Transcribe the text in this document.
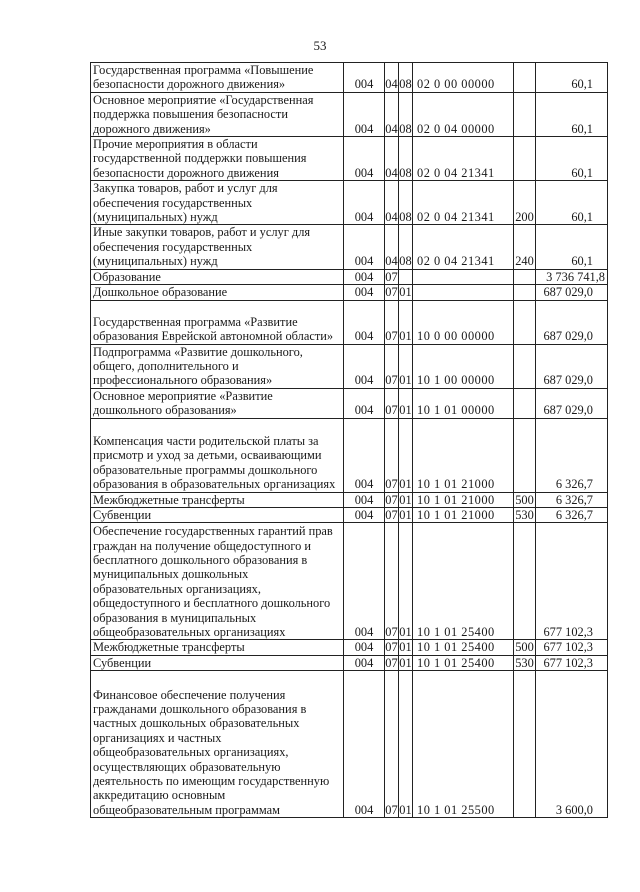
53
Государственная программа «Повышение безопасности дорожного движения»	004	04	08	02 0 00 00000		60,1
Основное мероприятие «Государственная поддержка повышения безопасности дорожного движения»	004	04	08	02 0 04 00000		60,1
Прочие мероприятия в области государственной поддержки повышения безопасности дорожного движения	004	04	08	02 0 04 21341		60,1
Закупка товаров, работ и услуг для обеспечения государственных (муниципальных) нужд	004	04	08	02 0 04 21341	200	60,1
Иные закупки товаров, работ и услуг для обеспечения государственных (муниципальных) нужд	004	04	08	02 0 04 21341	240	60,1
Образование	004	07				3 736 741,8
Дошкольное образование	004	07	01			687 029,0
Государственная программа «Развитие образования Еврейской автономной области»	004	07	01	10 0 00 00000		687 029,0
Подпрограмма «Развитие дошкольного, общего, дополнительного и профессионального образования»	004	07	01	10 1 00 00000		687 029,0
Основное мероприятие «Развитие дошкольного образования»	004	07	01	10 1 01 00000		687 029,0
Компенсация части родительской платы за присмотр и уход за детьми, осваивающими образовательные программы дошкольного образования в образовательных организациях	004	07	01	10 1 01 21000		6 326,7
Межбюджетные трансферты	004	07	01	10 1 01 21000	500	6 326,7
Субвенции	004	07	01	10 1 01 21000	530	6 326,7
Обеспечение государственных гарантий прав граждан на получение общедоступного и бесплатного дошкольного образования в муниципальных дошкольных образовательных организациях, общедоступного и бесплатного дошкольного образования в муниципальных общеобразовательных организациях	004	07	01	10 1 01 25400		677 102,3
Межбюджетные трансферты	004	07	01	10 1 01 25400	500	677 102,3
Субвенции	004	07	01	10 1 01 25400	530	677 102,3
Финансовое обеспечение получения гражданами дошкольного образования в частных дошкольных образовательных организациях и частных общеобразовательных организациях, осуществляющих образовательную деятельность по имеющим государственную аккредитацию основным общеобразовательным программам	004	07	01	10 1 01 25500		3 600,0
